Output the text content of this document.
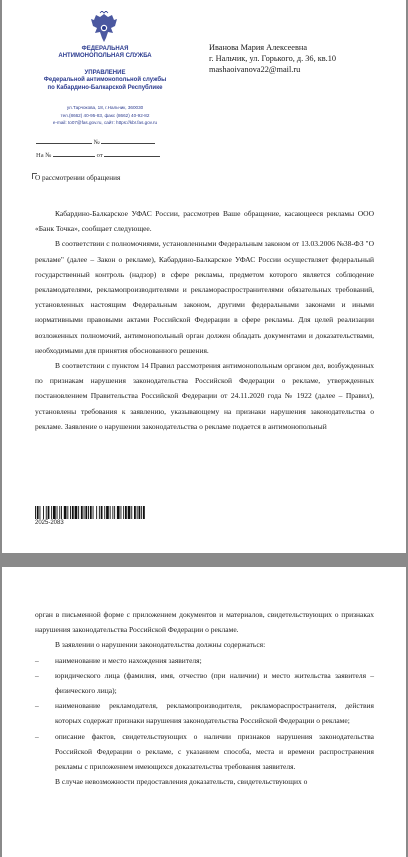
ФЕДЕРАЛЬНАЯ
АНТИМОНОПОЛЬНАЯ СЛУЖБА
УПРАВЛЕНИЕ
Федеральной антимонопольной службы
по Кабардино-Балкарской Республике
ул.Тарчокова, 18, г.Нальчик, 360030
тел.(8662) 40-95-83, факс (8662) 40-92-82
e-mail: to07@fas.gov.ru, сайт: https://kbr.fas.gov.ru
№
На №	от
Иванова Мария Алексеевна
г. Нальчик, ул. Горького, д. 36, кв.10
mashaoivanova22@mail.ru
О рассмотрении обращения

Кабардино-Балкарское УФАС России, рассмотрев Ваше обращение, касающееся рекламы ООО «Банк Точка», сообщает следующее.

В соответствии с полномочиями, установленными Федеральным законом от 13.03.2006 №38-ФЗ "О рекламе" (далее – Закон о рекламе), Кабардино-Балкарское УФАС России осуществляет федеральный государственный контроль (надзор) в сфере рекламы, предметом которого является соблюдение рекламодателями, рекламопроизводителями и рекламораспространителями обязательных требований, установленных настоящим Федеральным законом, другими федеральными законами и иными нормативными правовыми актами Российской Федерации в сфере рекламы. Для целей реализации возложенных полномочий, антимонопольный орган должен обладать документами и доказательствами, необходимыми для принятия обоснованного решения.

В соответствии с пунктом 14 Правил рассмотрения антимонопольным органом дел, возбужденных по признакам нарушения законодательства Российской Федерации о рекламе, утвержденных постановлением Правительства Российской Федерации от 24.11.2020 года № 1922 (далее – Правил), установлены требования к заявлению, указывающему на признаки нарушения законодательства о рекламе. Заявление о нарушении законодательства о рекламе подается в антимонопольный

2025-2083

орган в письменной форме с приложением документов и материалов, свидетельствующих о признаках нарушения законодательства Российской Федерации о рекламе.

В заявлении о нарушении законодательства должны содержаться:

– наименование и место нахождения заявителя;

– юридического лица (фамилия, имя, отчество (при наличии) и место жительства заявителя – физического лица);

– наименование рекламодателя, рекламопроизводителя, рекламораспространителя, действия которых содержат признаки нарушения законодательства Российской Федерации о рекламе;

– описание фактов, свидетельствующих о наличии признаков нарушения законодательства Российской Федерации о рекламе, с указанием способа, места и времени распространения рекламы с приложением имеющихся доказательства требования заявителя.

В случае невозможности предоставления доказательств, свидетельствующих о
